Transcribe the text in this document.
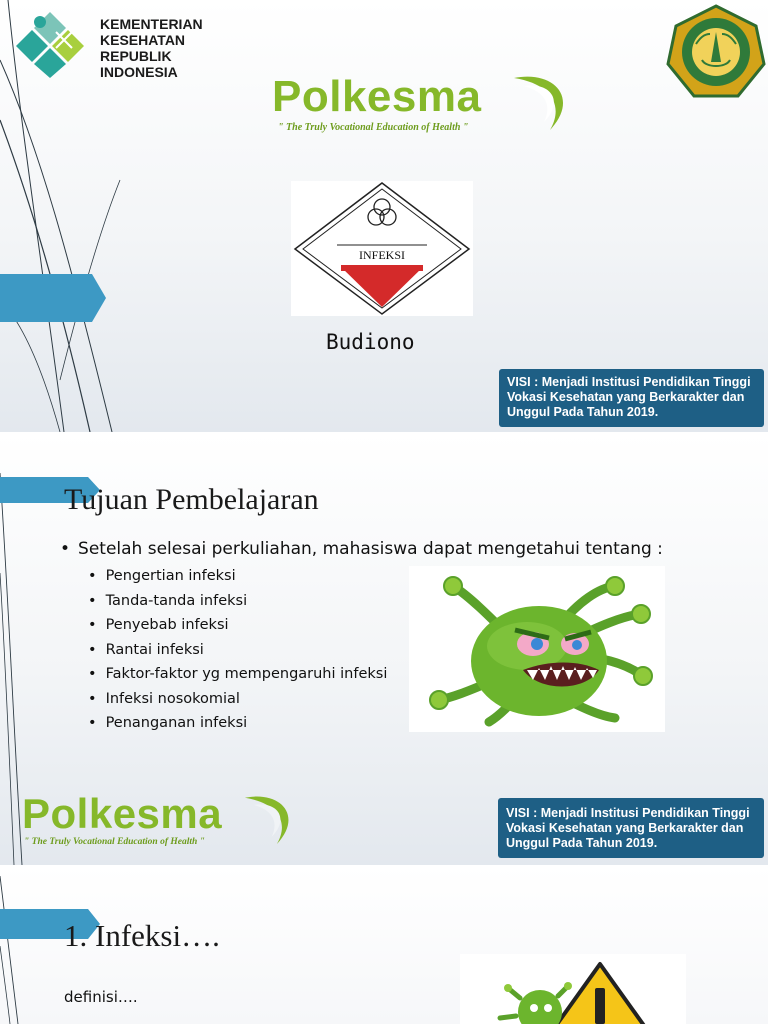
KEMENTERIAN
KESEHATAN
REPUBLIK
INDONESIA	Polkesma
" The Truly Vocational Education of Health "
INFEKSI
Budiono
VISI : Menjadi Institusi Pendidikan Tinggi
Vokasi Kesehatan yang Berkarakter dan
Unggul Pada Tahun 2019.
Tujuan Pembelajaran
• Setelah selesai perkuliahan, mahasiswa dapat mengetahui tentang :
• Pengertian infeksi
• Tanda-tanda infeksi
• Penyebab infeksi
• Rantai infeksi
• Faktor-faktor yg mempengaruhi infeksi
• Infeksi nosokomial
• Penanganan infeksi
Polkesma
" The Truly Vocational Education of Health "
VISI : Menjadi Institusi Pendidikan Tinggi
Vokasi Kesehatan yang Berkarakter dan
Unggul Pada Tahun 2019.
1. Infeksi….
definisi….
